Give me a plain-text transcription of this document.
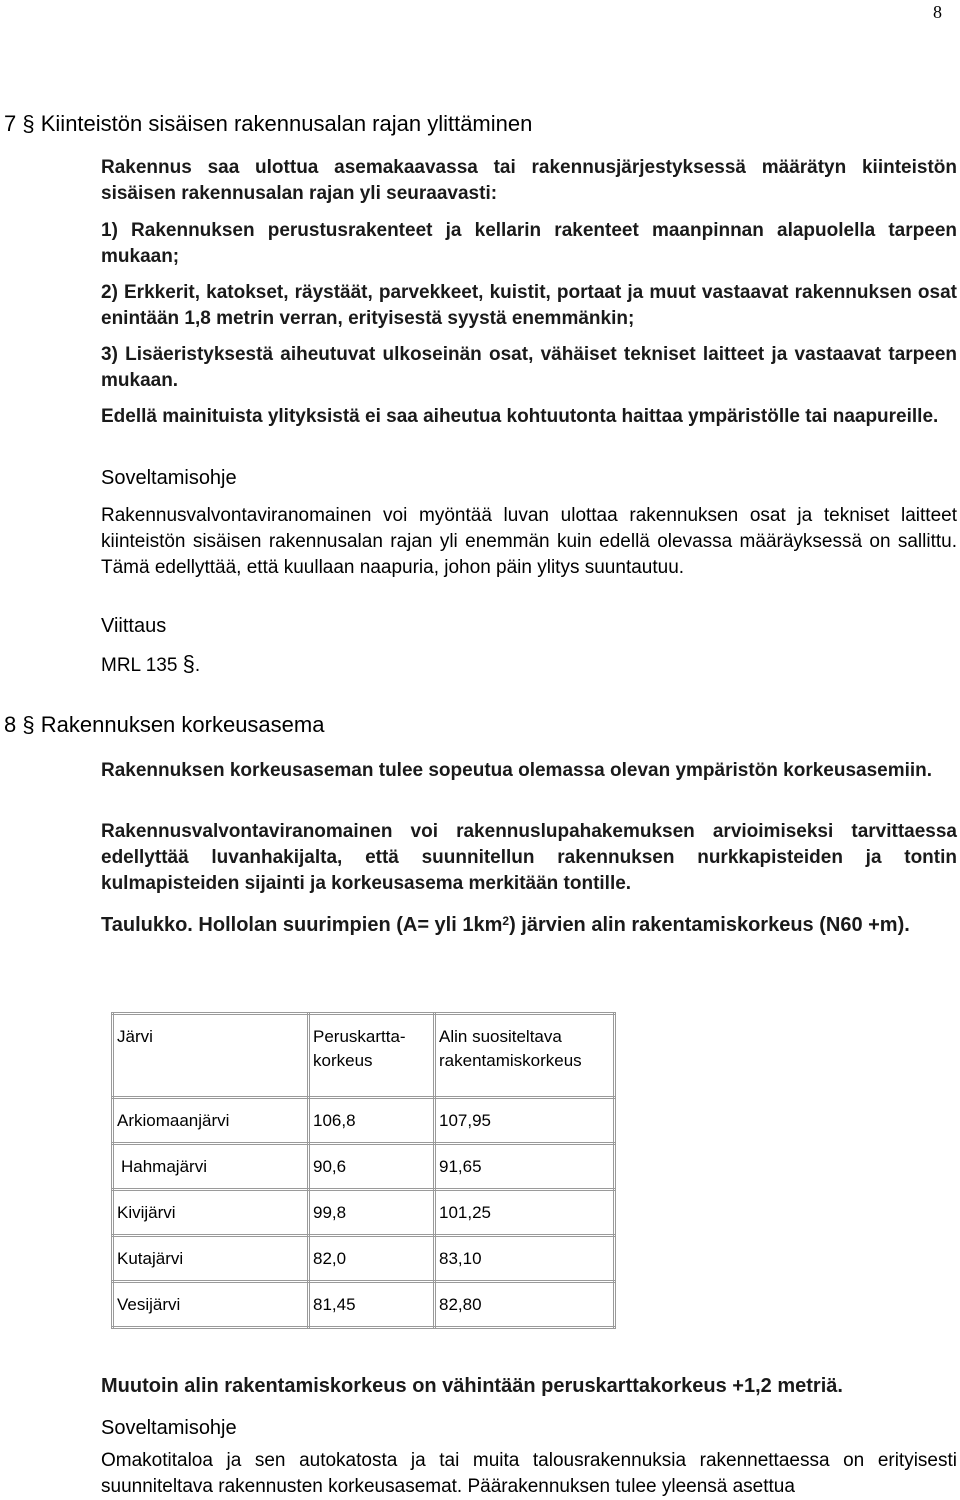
8
7 § Kiinteistön sisäisen rakennusalan rajan ylittäminen
Rakennus saa ulottua asemakaavassa tai rakennusjärjestyksessä määrätyn kiinteistön sisäisen rakennusalan rajan yli seuraavasti:
1) Rakennuksen perustusrakenteet ja kellarin rakenteet maanpinnan alapuolella tarpeen mukaan;
2) Erkkerit, katokset, räystäät, parvekkeet, kuistit, portaat ja muut vastaavat rakennuksen osat enintään 1,8 metrin verran, erityisestä syystä enemmänkin;
3) Lisäeristyksestä aiheutuvat ulkoseinän osat, vähäiset tekniset laitteet ja vastaavat tarpeen mukaan.
Edellä mainituista ylityksistä ei saa aiheutua kohtuutonta haittaa ympäristölle tai naapureille.
Soveltamisohje
Rakennusvalvontaviranomainen voi myöntää luvan ulottaa rakennuksen osat ja tekniset laitteet kiinteistön sisäisen rakennusalan rajan yli enemmän kuin edellä olevassa määräyksessä on sallittu. Tämä edellyttää, että kuullaan naapuria, johon päin ylitys suuntautuu.
Viittaus
MRL 135 §.
8 § Rakennuksen korkeusasema
Rakennuksen korkeusaseman tulee sopeutua olemassa olevan ympäristön korkeusasemiin.
Rakennusvalvontaviranomainen voi rakennuslupahakemuksen arvioimiseksi tarvittaessa edellyttää luvanhakijalta, että suunnitellun rakennuksen nurkkapisteiden ja tontin kulmapisteiden sijainti ja korkeusasema merkitään tontille.
Taulukko. Hollolan suurimpien (A= yli $1km^2$) järvien alin rakentamiskorkeus (N60 +m).
Järvi	Peruskartta-korkeus	Alin suositeltava rakentamiskorkeus
Arkiomaanjärvi	106,8	107,95
Hahmajärvi	90,6	91,65
Kivijärvi	99,8	101,25
Kutajärvi	82,0	83,10
Vesijärvi	81,45	82,80
Muutoin alin rakentamiskorkeus on vähintään peruskarttakorkeus +1,2 metriä.
Soveltamisohje
Omakotitaloa ja sen autokatosta ja tai muita talousrakennuksia rakennettaessa on erityisesti suunniteltava rakennusten korkeusasemat. Päärakennuksen tulee yleensä asettua
